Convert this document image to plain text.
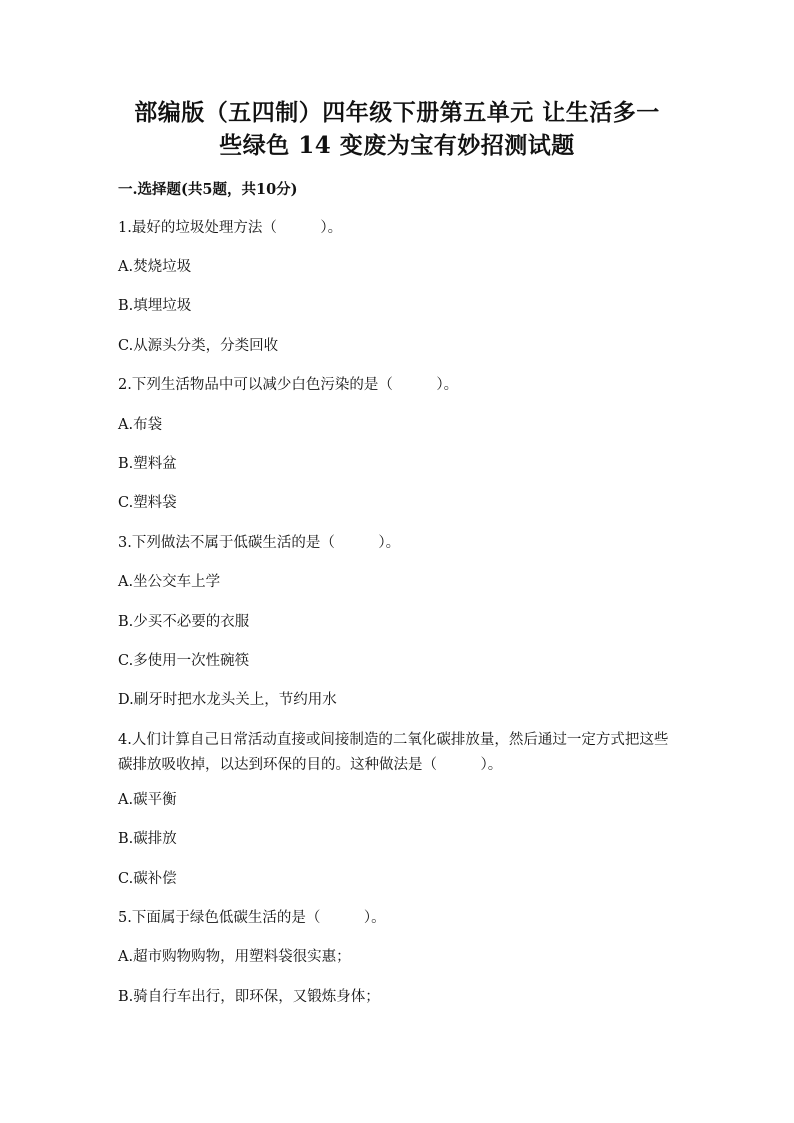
部编版（五四制）四年级下册第五单元 让生活多一
些绿色 14 变废为宝有妙招测试题

一.选择题(共5题，共10分)

1.最好的垃圾处理方法（　　　）。

A.焚烧垃圾

B.填埋垃圾

C.从源头分类，分类回收

2.下列生活物品中可以减少白色污染的是（　　　）。

A.布袋

B.塑料盆

C.塑料袋

3.下列做法不属于低碳生活的是（　　　）。

A.坐公交车上学

B.少买不必要的衣服

C.多使用一次性碗筷

D.刷牙时把水龙头关上，节约用水

4.人们计算自己日常活动直接或间接制造的二氧化碳排放量，然后通过一定方式把这些碳排放吸收掉，以达到环保的目的。这种做法是（　　　）。

A.碳平衡

B.碳排放

C.碳补偿

5.下面属于绿色低碳生活的是（　　　）。

A.超市购物购物，用塑料袋很实惠；

B.骑自行车出行，即环保，又锻炼身体；
